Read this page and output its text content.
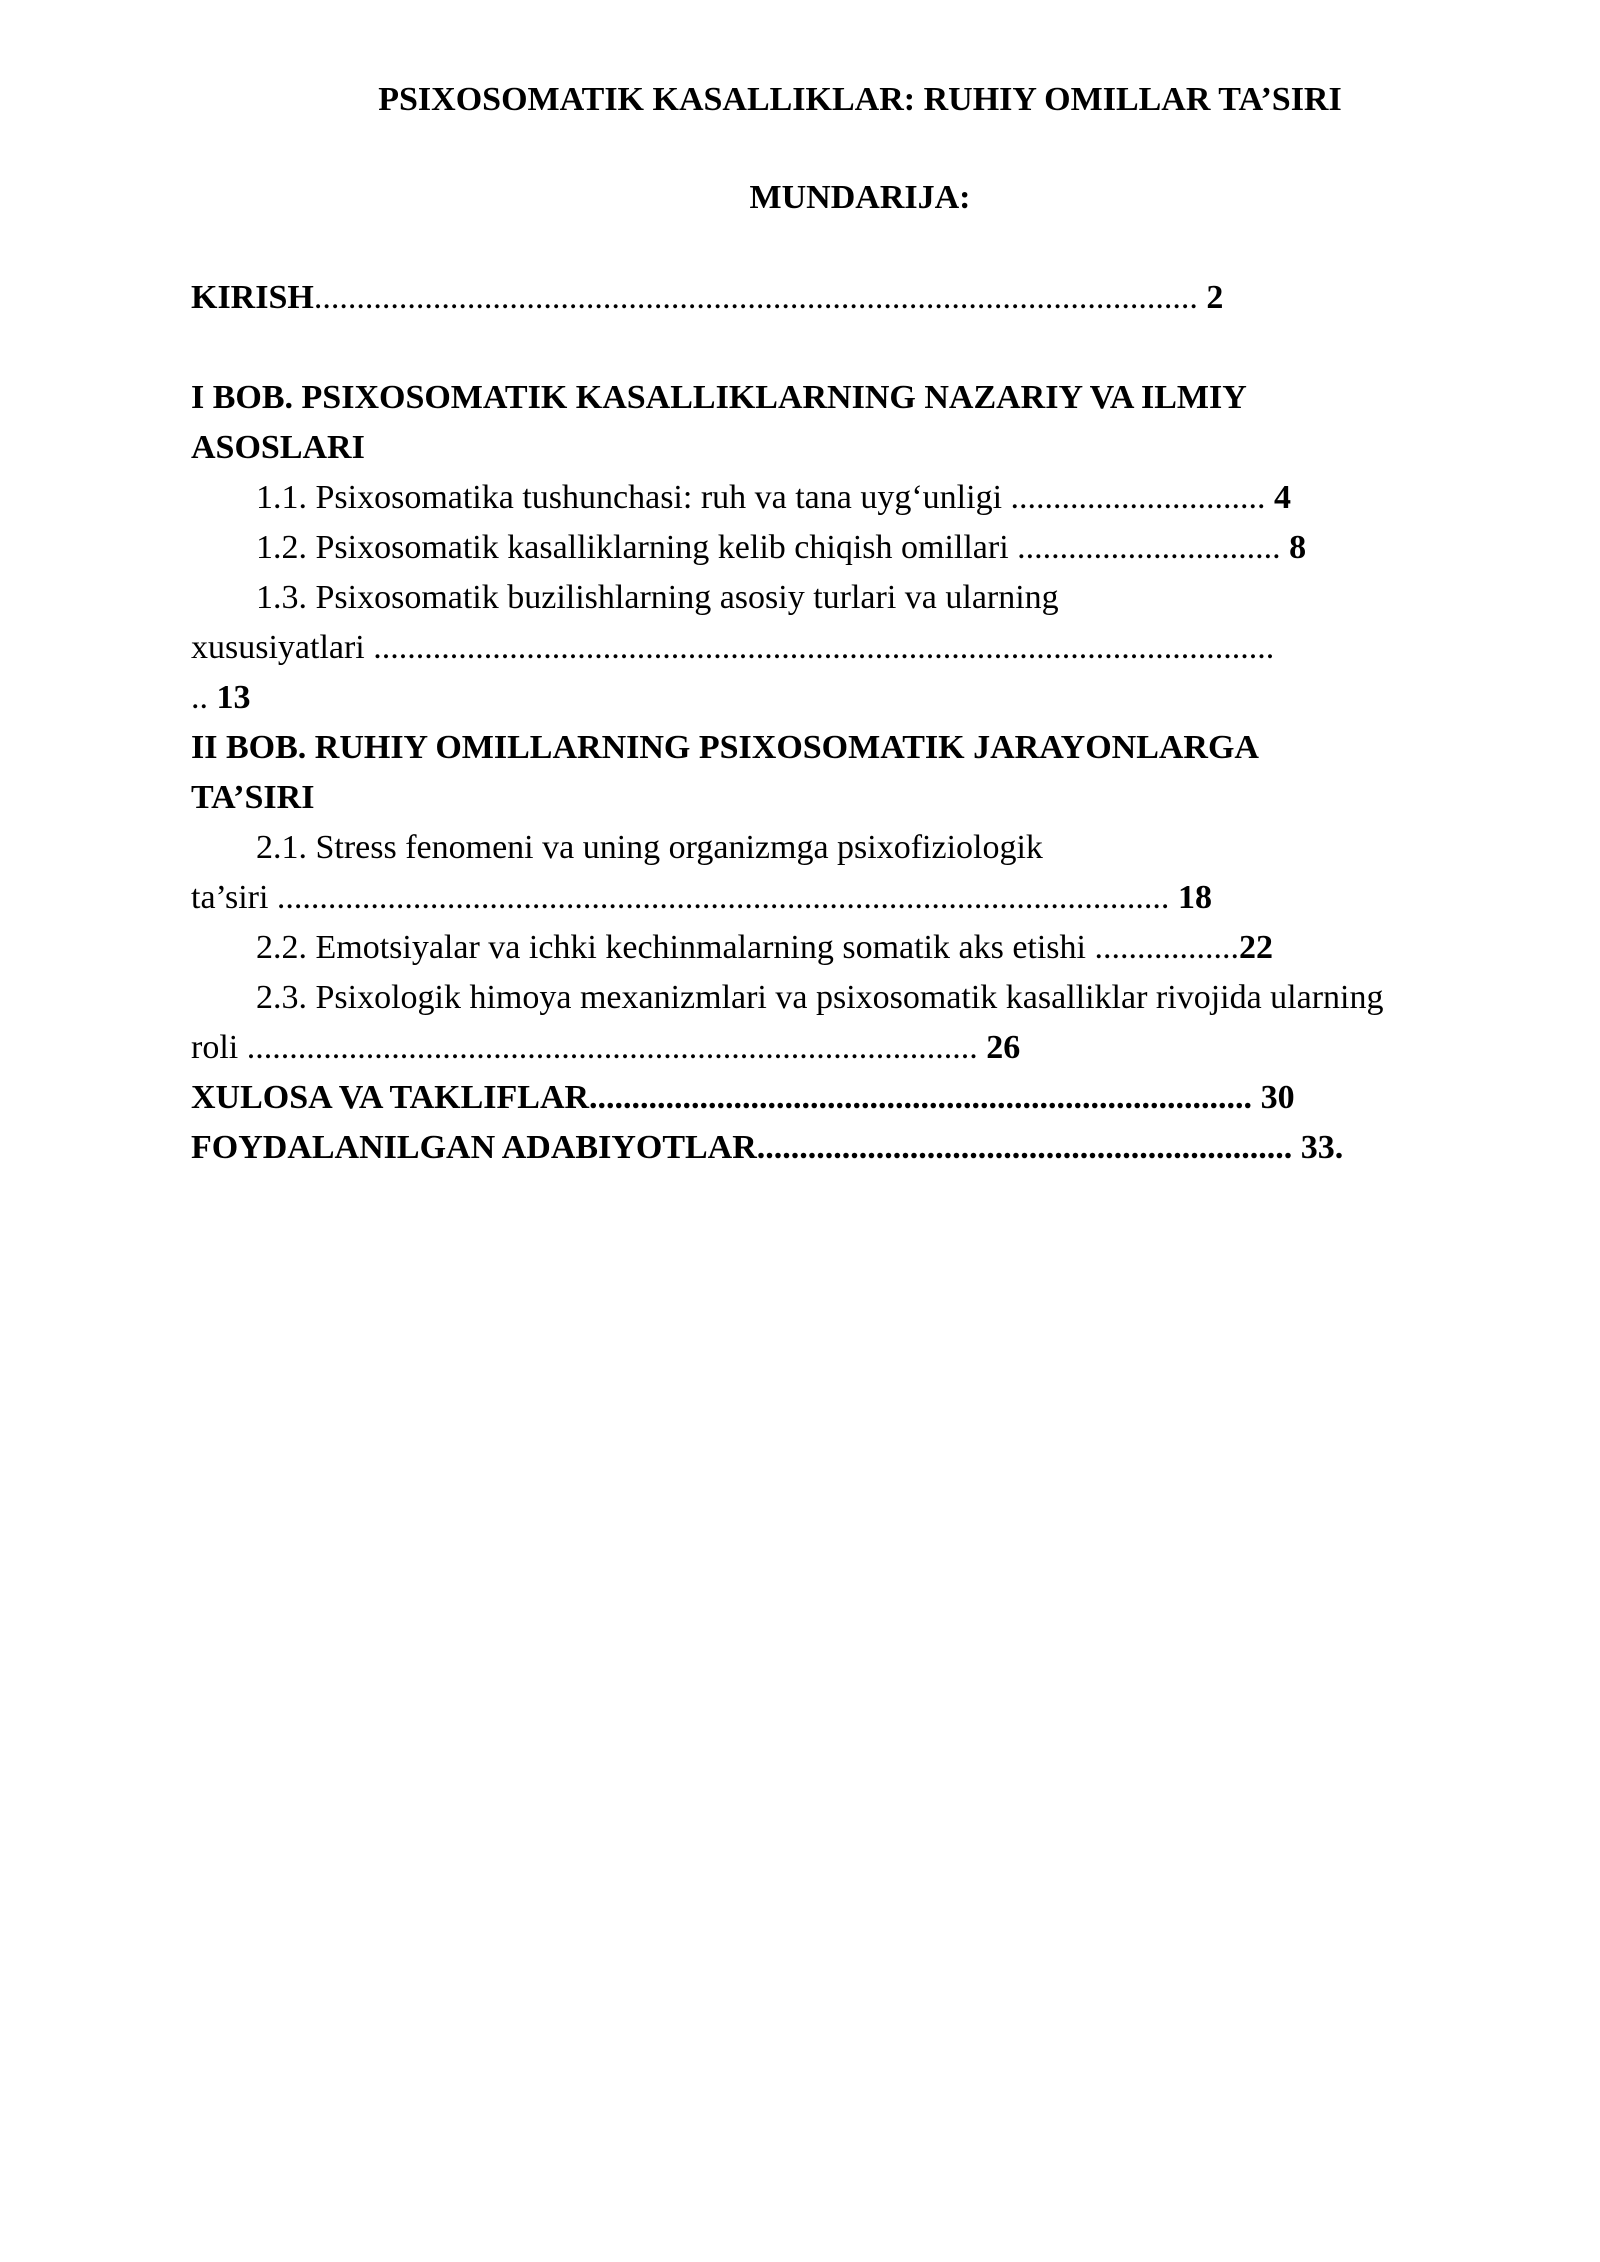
PSIXOSOMATIK KASALLIKLAR: RUHIY OMILLAR TA’SIRI
MUNDARIJA:
KIRISH........................................................................................................ 2
I BOB. PSIXOSOMATIK KASALLIKLARNING NAZARIY VA ILMIY
ASOSLARI
1.1. Psixosomatika tushunchasi: ruh va tana uyg‘unligi .............................. 4
1.2. Psixosomatik kasalliklarning kelib chiqish omillari ............................... 8
1.3. Psixosomatik buzilishlarning asosiy turlari va ularning
xususiyatlari ..........................................................................................................
.. 13
II BOB. RUHIY OMILLARNING PSIXOSOMATIK JARAYONLARGA
TA’SIRI
2.1. Stress fenomeni va uning organizmga psixofiziologik
ta’siri ......................................................................................................... 18
2.2. Emotsiyalar va ichki kechinmalarning somatik aks etishi .................22
2.3. Psixologik himoya mexanizmlari va psixosomatik kasalliklar rivojida ularning
roli ...................................................................................... 26
XULOSA VA TAKLIFLAR.............................................................................. 30
FOYDALANILGAN ADABIYOTLAR............................................................... 33.
